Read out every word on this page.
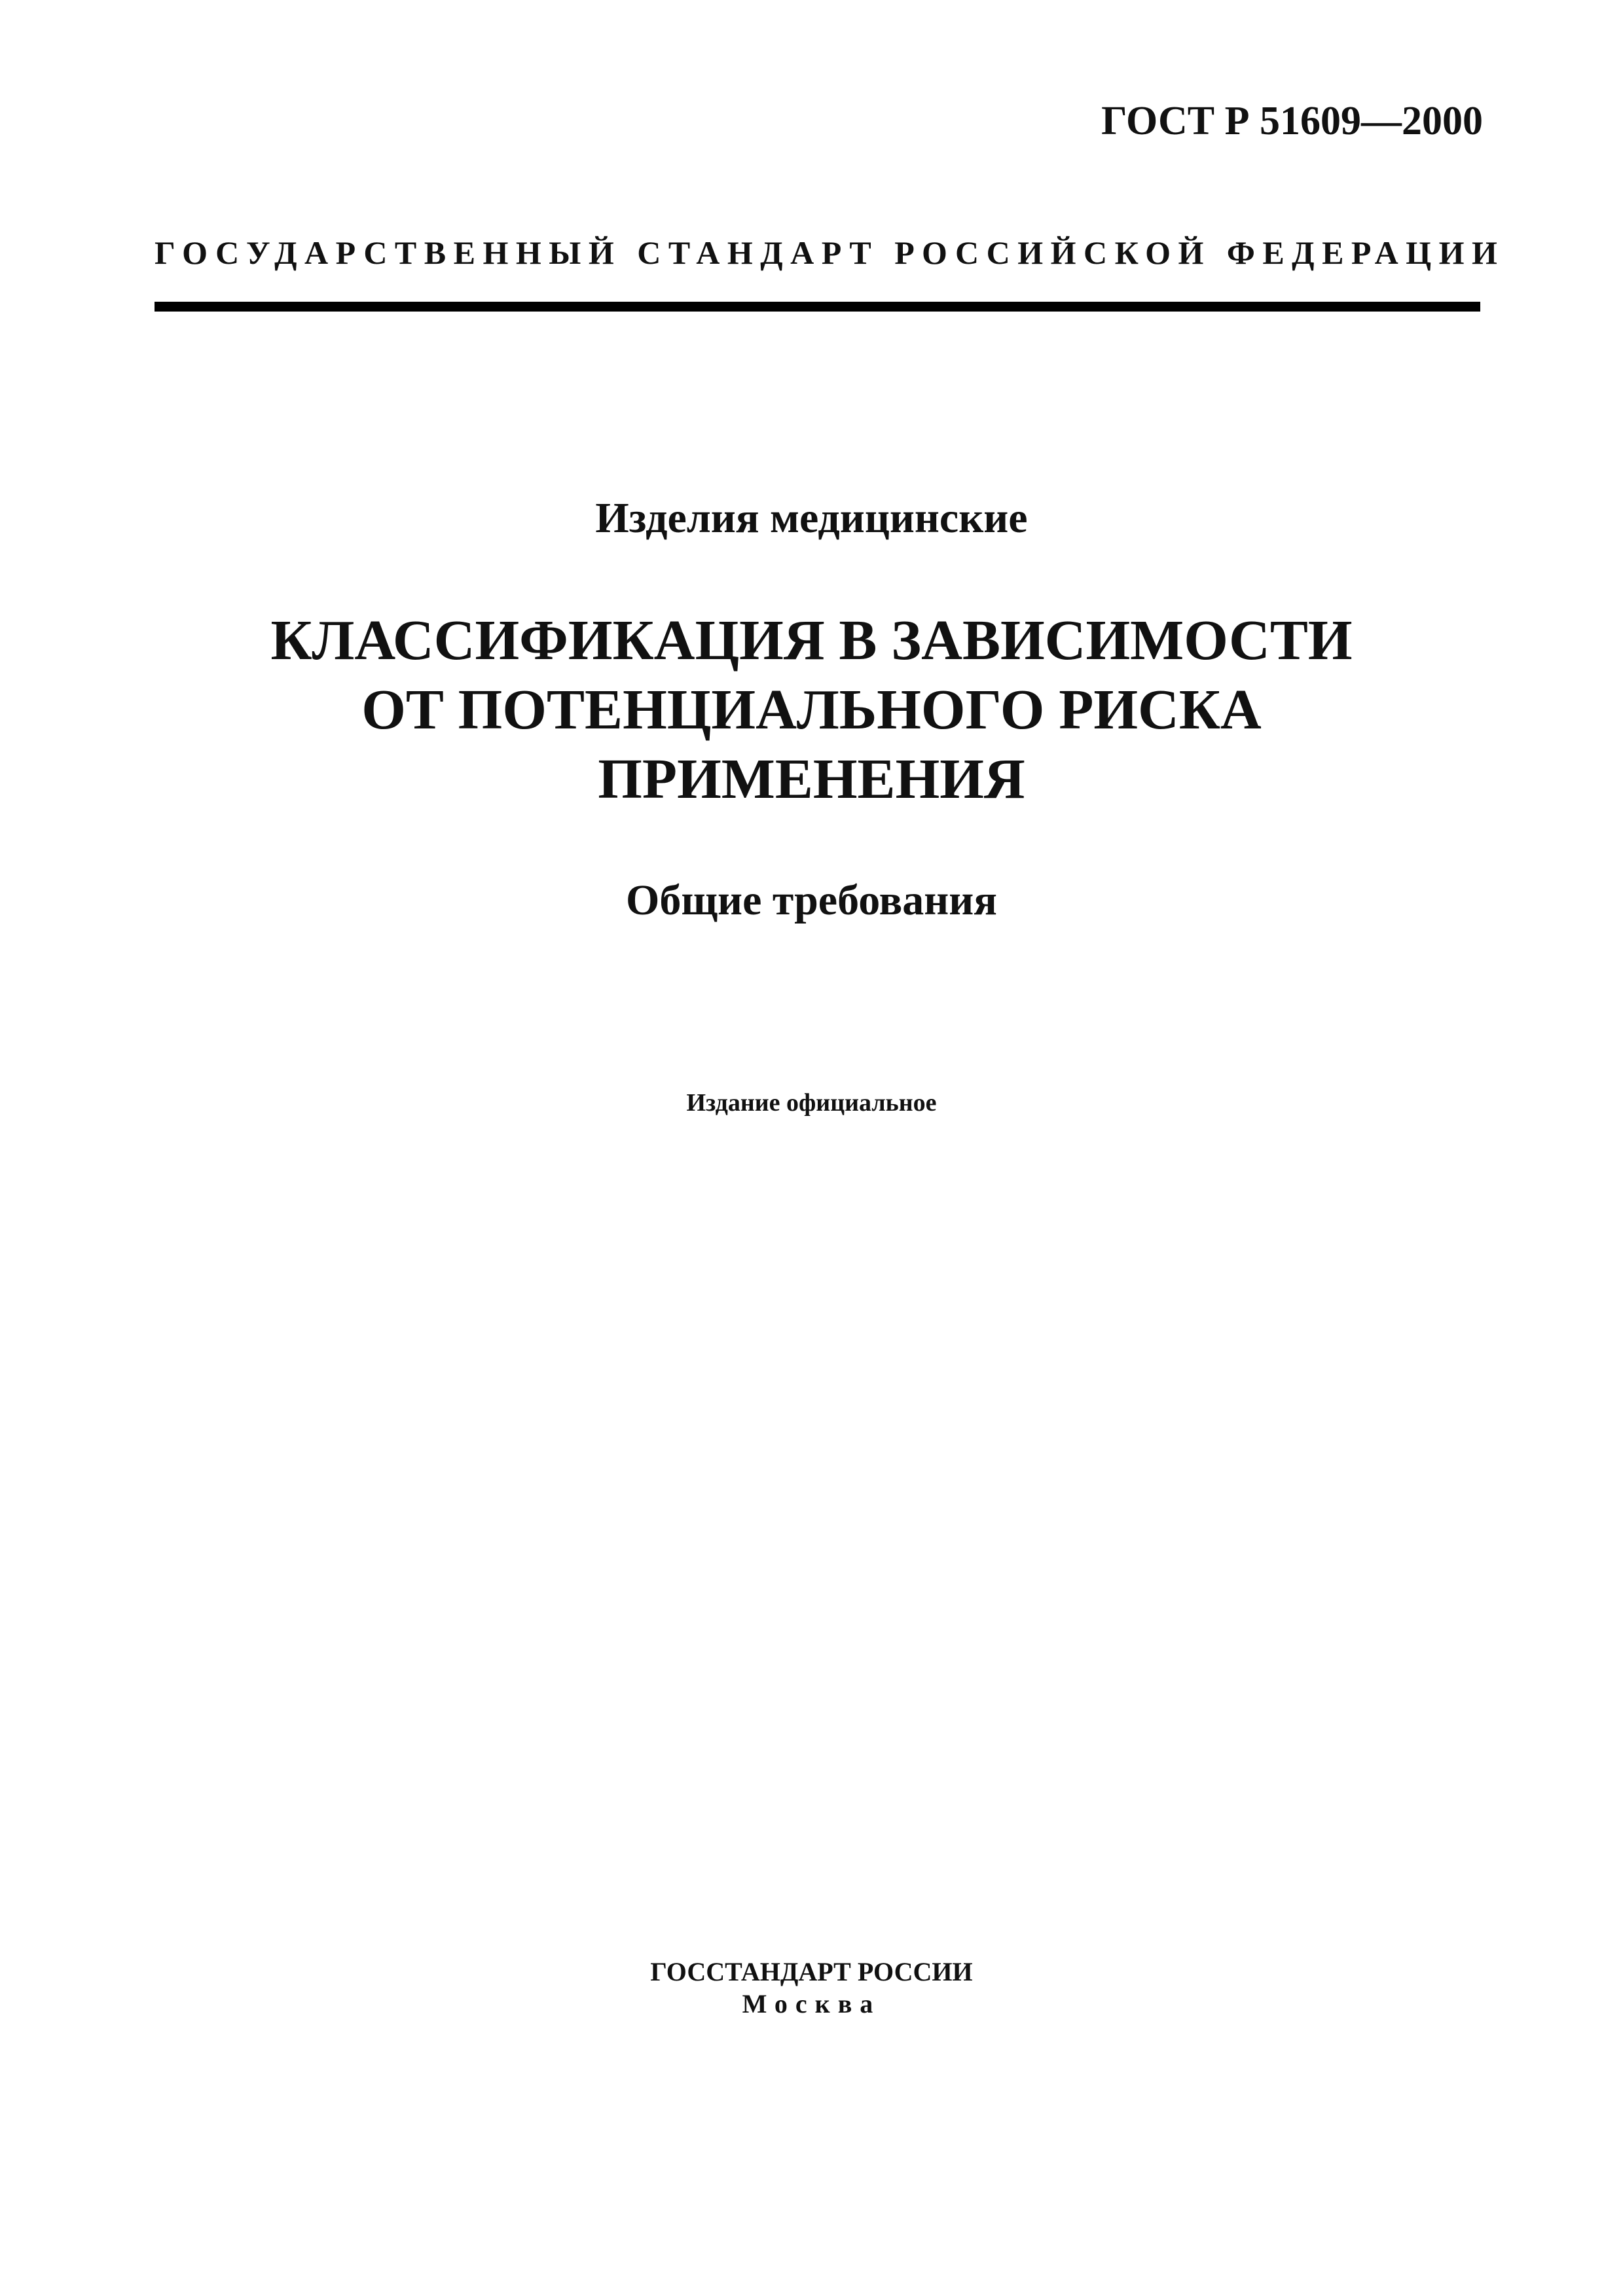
ГОСТ Р 51609—2000
ГОСУДАРСТВЕННЫЙ СТАНДАРТ РОССИЙСКОЙ ФЕДЕРАЦИИ
Изделия медицинские
КЛАССИФИКАЦИЯ В ЗАВИСИМОСТИ
ОТ ПОТЕНЦИАЛЬНОГО РИСКА
ПРИМЕНЕНИЯ
Общие требования
Издание официальное
ГОССТАНДАРТ РОССИИ
Москва
